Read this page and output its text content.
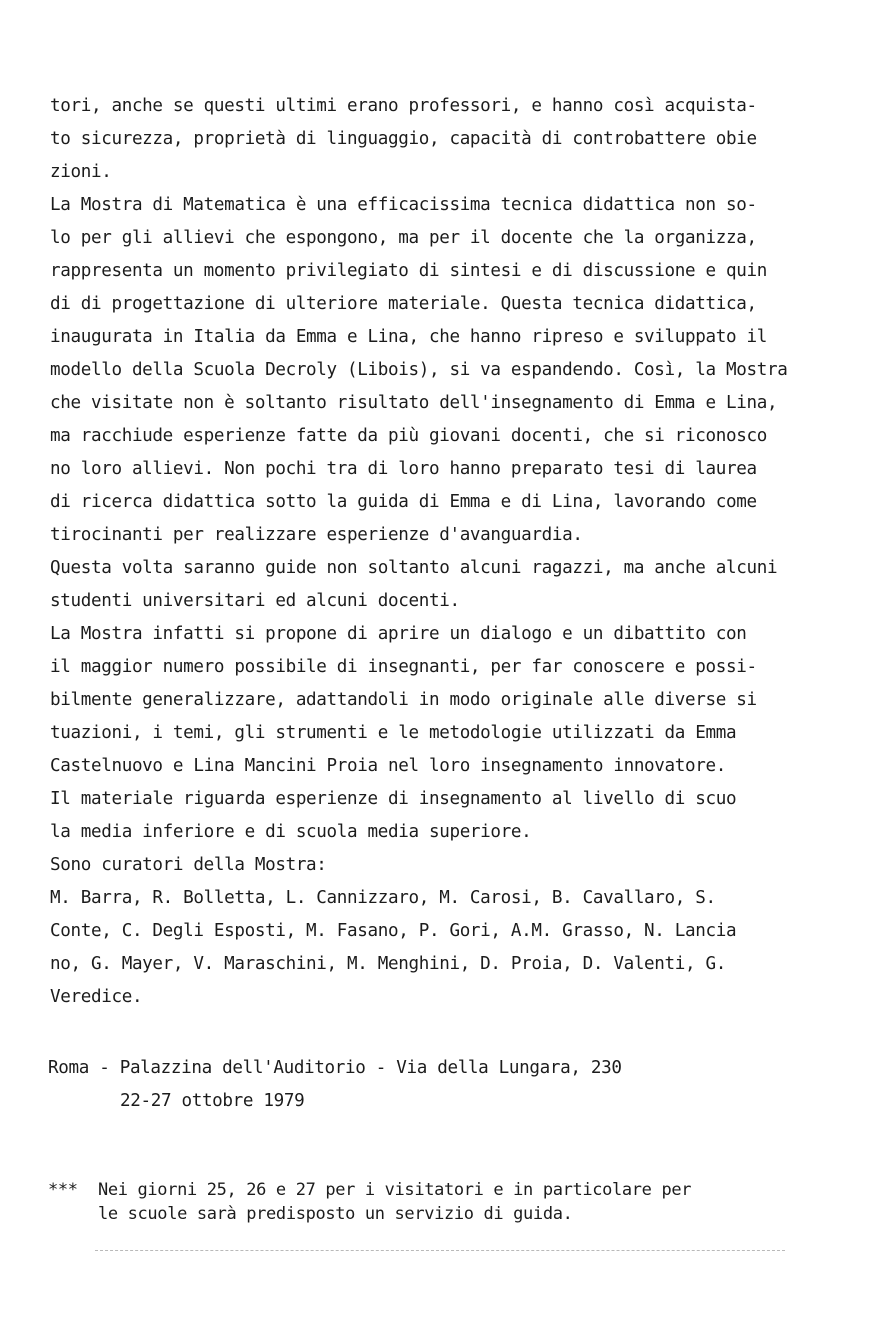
tori, anche se questi ultimi erano professori, e hanno così acquista-
to sicurezza, proprietà di linguaggio, capacità di controbattere obie
zioni.
La Mostra di Matematica è una efficacissima tecnica didattica non so-
lo per gli allievi che espongono, ma per il docente che la organizza,
rappresenta un momento privilegiato di sintesi e di discussione e quin
di di progettazione di ulteriore materiale. Questa tecnica didattica,
inaugurata in Italia da Emma e Lina, che hanno ripreso e sviluppato il
modello della Scuola Decroly (Libois), si va espandendo. Così, la Mostra
che visitate non è soltanto risultato dell'insegnamento di Emma e Lina,
ma racchiude esperienze fatte da più giovani docenti, che si riconosco
no loro allievi. Non pochi tra di loro hanno preparato tesi di laurea
di ricerca didattica sotto la guida di Emma e di Lina, lavorando come
tirocinanti per realizzare esperienze d'avanguardia.
Questa volta saranno guide non soltanto alcuni ragazzi, ma anche alcuni
studenti universitari ed alcuni docenti.
La Mostra infatti si propone di aprire un dialogo e un dibattito con
il maggior numero possibile di insegnanti, per far conoscere e possi-
bilmente generalizzare, adattandoli in modo originale alle diverse si
tuazioni, i temi, gli strumenti e le metodologie utilizzati da Emma
Castelnuovo e Lina Mancini Proia nel loro insegnamento innovatore.
Il materiale riguarda esperienze di insegnamento al livello di scuo
la media inferiore e di scuola media superiore.
Sono curatori della Mostra:
M. Barra, R. Bolletta, L. Cannizzaro, M. Carosi, B. Cavallaro, S.
Conte, C. Degli Esposti, M. Fasano, P. Gori, A.M. Grasso, N. Lancia
no, G. Mayer, V. Maraschini, M. Menghini, D. Proia, D. Valenti, G.
Veredice.
Roma - Palazzina dell'Auditorio - Via della Lungara, 230
22-27 ottobre 1979
***	Nei giorni 25, 26 e 27 per i visitatori e in particolare per
le scuole sarà predisposto un servizio di guida.
